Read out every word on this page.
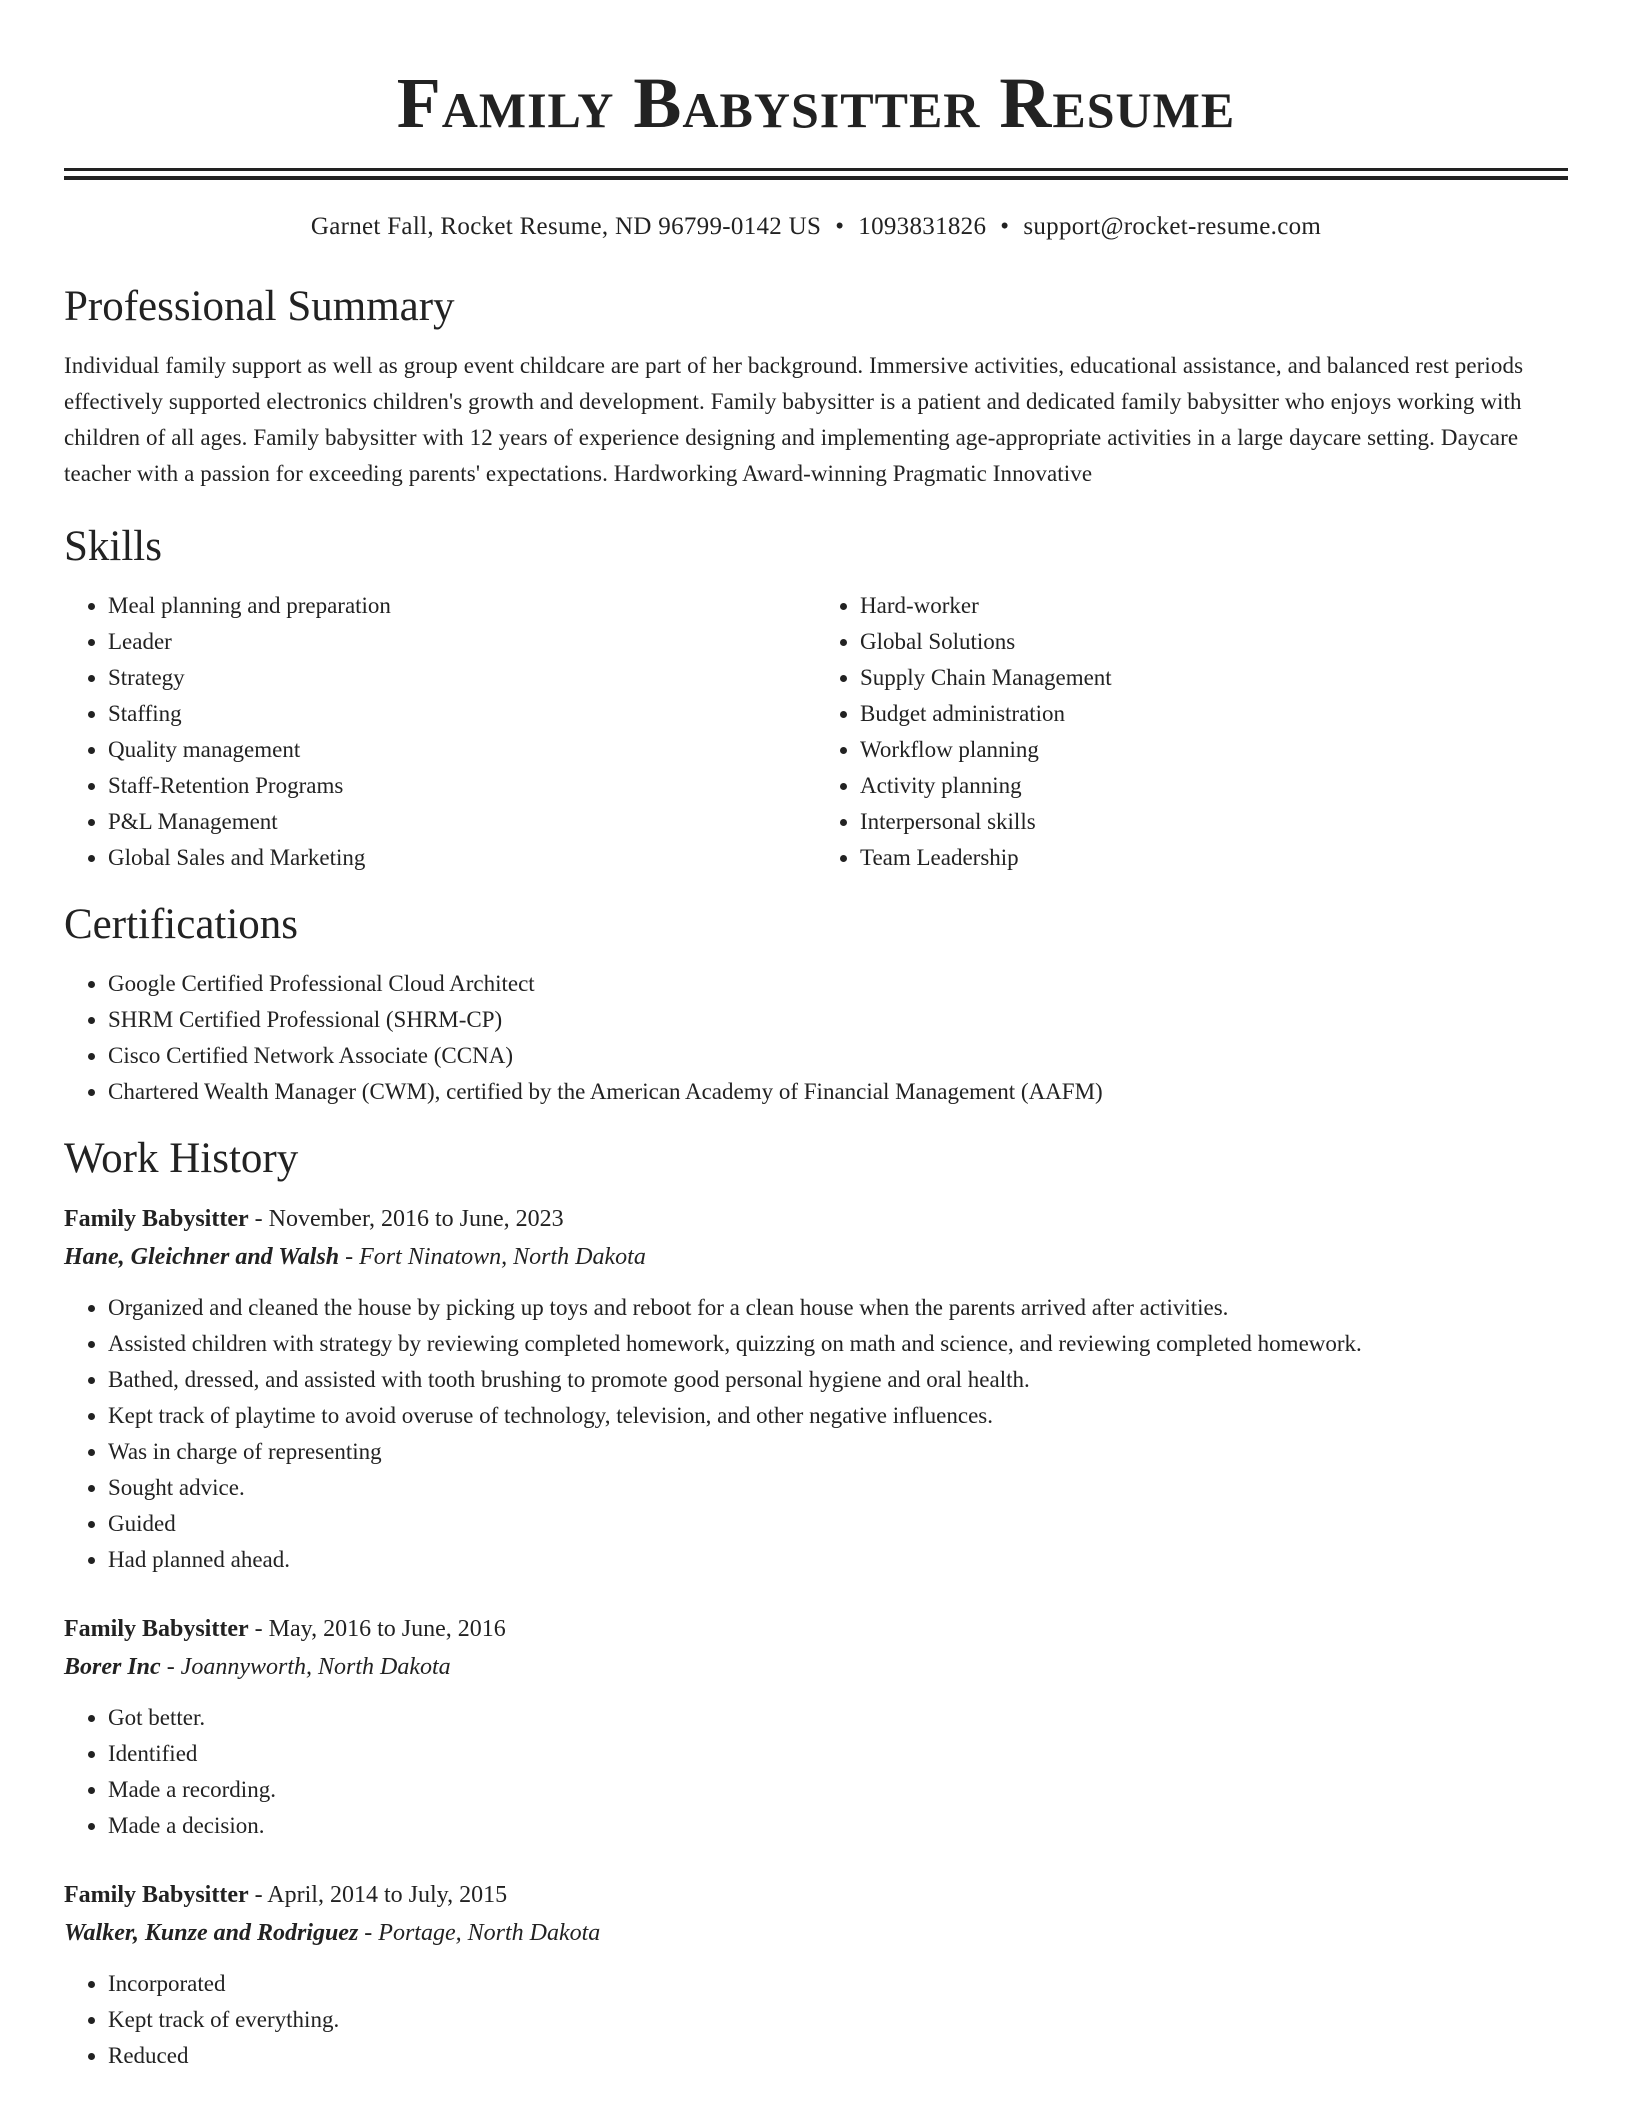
Family Babysitter Resume
Garnet Fall, Rocket Resume, ND 96799-0142 US • 1093831826 • support@rocket-resume.com
Professional Summary
Individual family support as well as group event childcare are part of her background. Immersive activities, educational assistance, and balanced rest periods effectively supported electronics children's growth and development. Family babysitter is a patient and dedicated family babysitter who enjoys working with children of all ages. Family babysitter with 12 years of experience designing and implementing age-appropriate activities in a large daycare setting. Daycare teacher with a passion for exceeding parents' expectations. Hardworking Award-winning Pragmatic Innovative
Skills
• Meal planning and preparation
• Leader
• Strategy
• Staffing
• Quality management
• Staff-Retention Programs
• P&L Management
• Global Sales and Marketing
• Hard-worker
• Global Solutions
• Supply Chain Management
• Budget administration
• Workflow planning
• Activity planning
• Interpersonal skills
• Team Leadership
Certifications
• Google Certified Professional Cloud Architect
• SHRM Certified Professional (SHRM-CP)
• Cisco Certified Network Associate (CCNA)
• Chartered Wealth Manager (CWM), certified by the American Academy of Financial Management (AAFM)
Work History
Family Babysitter - November, 2016 to June, 2023
Hane, Gleichner and Walsh - Fort Ninatown, North Dakota
• Organized and cleaned the house by picking up toys and reboot for a clean house when the parents arrived after activities.
• Assisted children with strategy by reviewing completed homework, quizzing on math and science, and reviewing completed homework.
• Bathed, dressed, and assisted with tooth brushing to promote good personal hygiene and oral health.
• Kept track of playtime to avoid overuse of technology, television, and other negative influences.
• Was in charge of representing
• Sought advice.
• Guided
• Had planned ahead.
Family Babysitter - May, 2016 to June, 2016
Borer Inc - Joannyworth, North Dakota
• Got better.
• Identified
• Made a recording.
• Made a decision.
Family Babysitter - April, 2014 to July, 2015
Walker, Kunze and Rodriguez - Portage, North Dakota
• Incorporated
• Kept track of everything.
• Reduced
